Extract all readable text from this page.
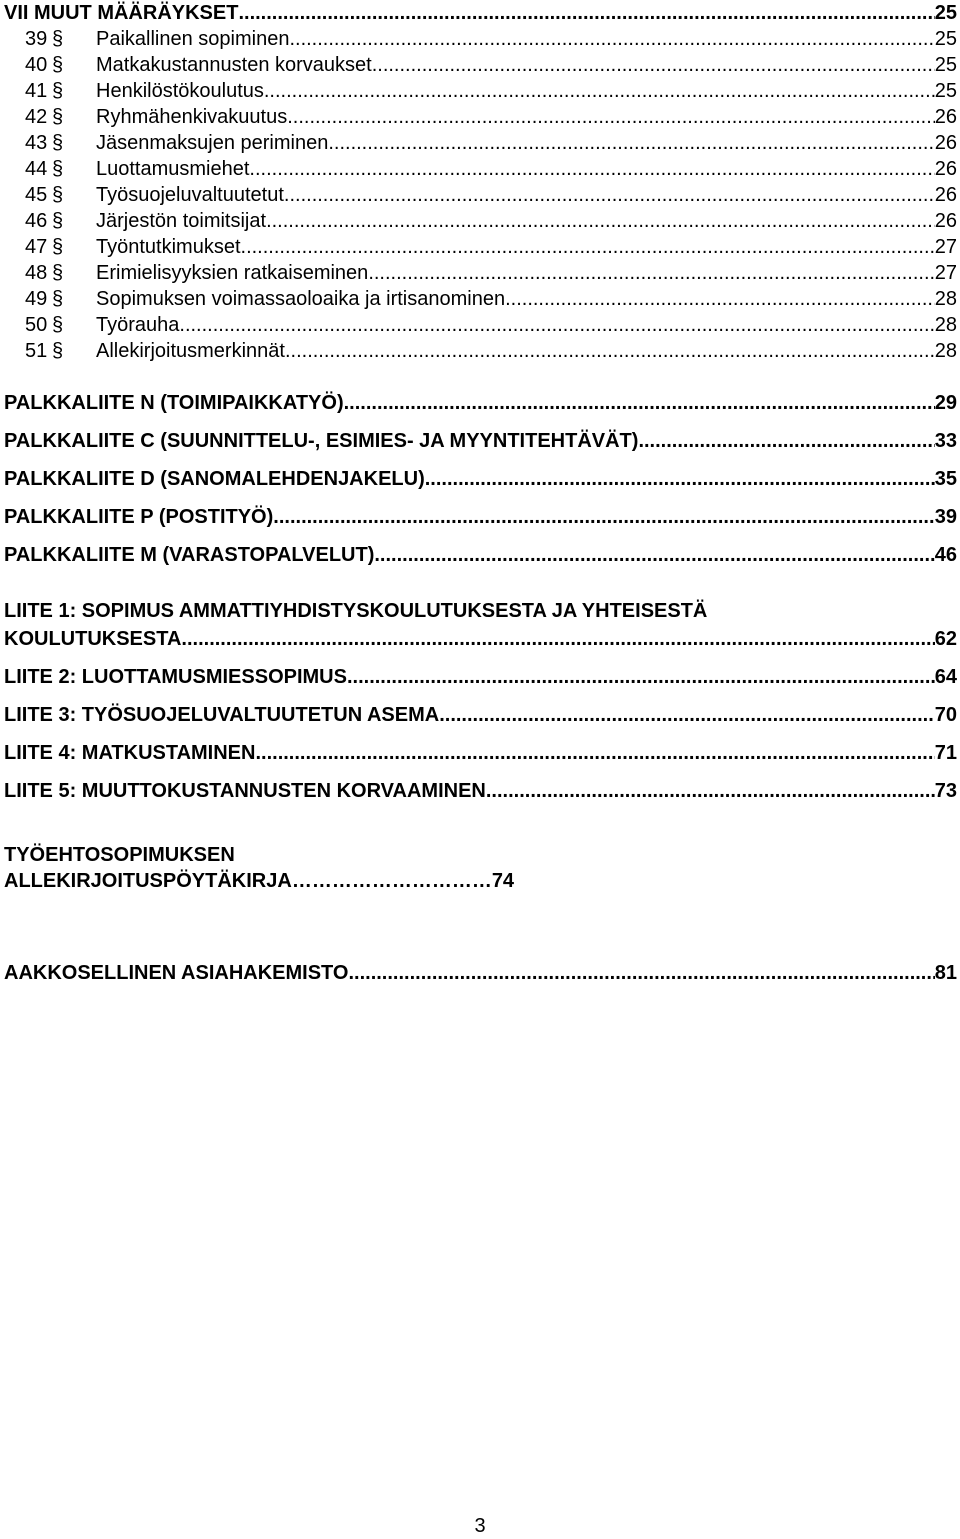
VII MUUT MÄÄRÄYKSET .....	25
39 §	Paikallinen sopiminen .....	25
40 §	Matkakustannusten korvaukset .....	25
41 §	Henkilöstökoulutus .....	25
42 §	Ryhmähenkivakuutus .....	26
43 §	Jäsenmaksujen periminen .....	26
44 §	Luottamusmiehet .....	26
45 §	Työsuojeluvaltuutetut .....	26
46 §	Järjestön toimitsijat .....	26
47 §	Työntutkimukset .....	27
48 §	Erimielisyyksien ratkaiseminen .....	27
49 §	Sopimuksen voimassaoloaika ja irtisanominen .....	28
50 §	Työrauha .....	28
51 §	Allekirjoitusmerkinnät .....	28
PALKKALIITE N (TOIMIPAIKKATYÖ) .....	29
PALKKALIITE C (SUUNNITTELU-, ESIMIES- JA MYYNTITEHTÄVÄT) .....	33
PALKKALIITE D (SANOMALEHDENJAKELU) .....	35
PALKKALIITE P (POSTITYÖ) .....	39
PALKKALIITE M (VARASTOPALVELUT) .....	46
LIITE 1: SOPIMUS AMMATTIYHDISTYSKOULUTUKSESTA JA YHTEISESTÄ
KOULUTUKSESTA .....	62
LIITE 2: LUOTTAMUSMIESSOPIMUS .....	64
LIITE 3: TYÖSUOJELUVALTUUTETUN ASEMA .....	70
LIITE 4: MATKUSTAMINEN .....	71
LIITE 5: MUUTTOKUSTANNUSTEN KORVAAMINEN .....	73
TYÖEHTOSOPIMUKSEN
ALLEKIRJOITUSPÖYTÄKIRJA ………………………… 74
AAKKOSELLINEN ASIAHAKEMISTO .....	81
3
